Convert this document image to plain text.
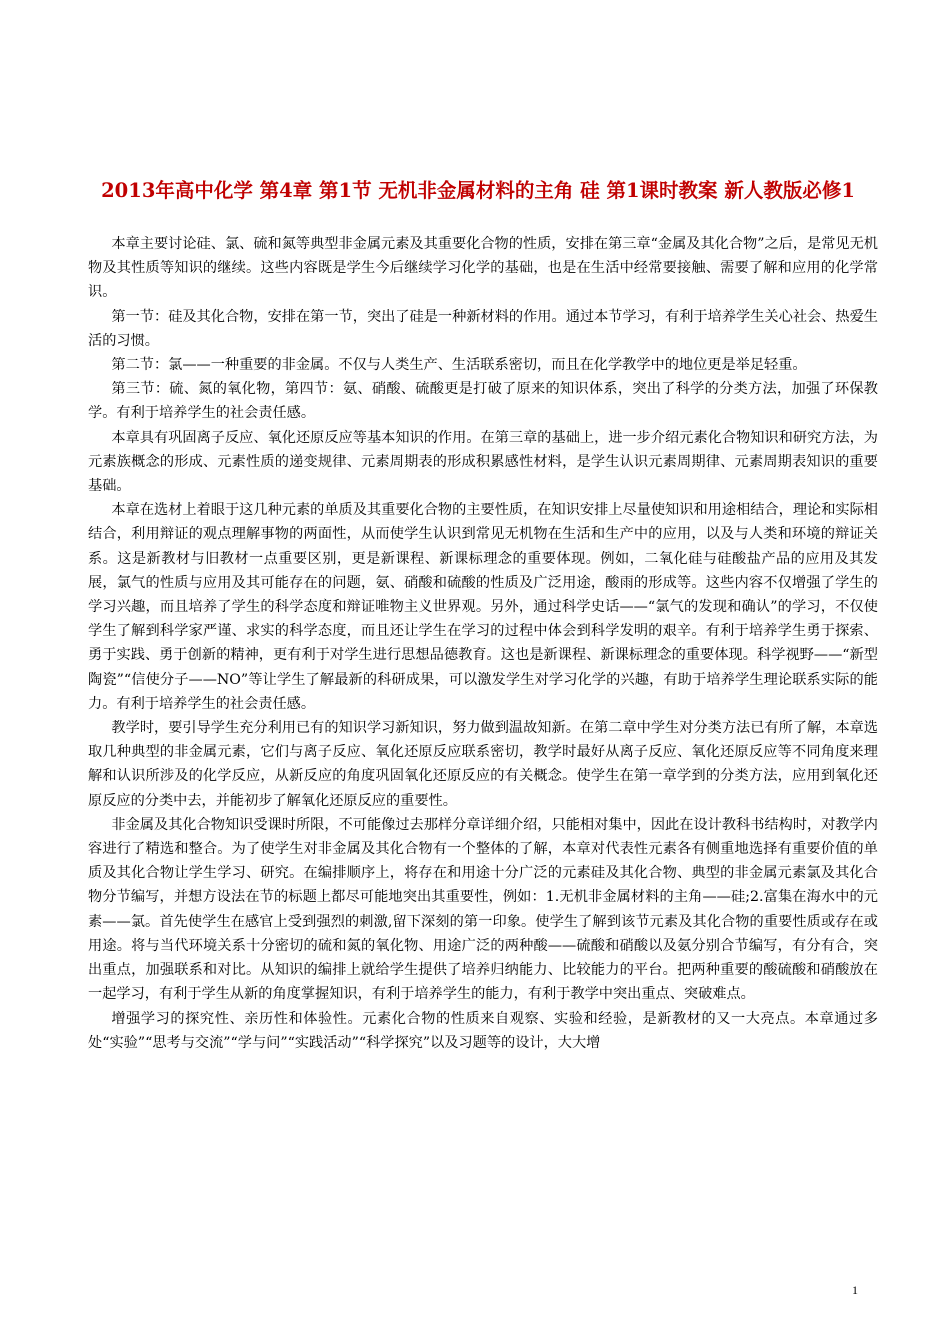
2013年高中化学 第4章 第1节 无机非金属材料的主角 硅 第1课时教案 新人教版必修1

本章主要讨论硅、氯、硫和氮等典型非金属元素及其重要化合物的性质，安排在第三章“金属及其化合物”之后，是常见无机物及其性质等知识的继续。这些内容既是学生今后继续学习化学的基础，也是在生活中经常要接触、需要了解和应用的化学常识。

第一节：硅及其化合物，安排在第一节，突出了硅是一种新材料的作用。通过本节学习，有利于培养学生关心社会、热爱生活的习惯。

第二节：氯——一种重要的非金属。不仅与人类生产、生活联系密切，而且在化学教学中的地位更是举足轻重。

第三节：硫、氮的氧化物，第四节：氨、硝酸、硫酸更是打破了原来的知识体系，突出了科学的分类方法，加强了环保教学。有利于培养学生的社会责任感。

本章具有巩固离子反应、氧化还原反应等基本知识的作用。在第三章的基础上，进一步介绍元素化合物知识和研究方法，为元素族概念的形成、元素性质的递变规律、元素周期表的形成积累感性材料，是学生认识元素周期律、元素周期表知识的重要基础。

本章在选材上着眼于这几种元素的单质及其重要化合物的主要性质，在知识安排上尽量使知识和用途相结合，理论和实际相结合，利用辩证的观点理解事物的两面性，从而使学生认识到常见无机物在生活和生产中的应用，以及与人类和环境的辩证关系。这是新教材与旧教材一点重要区别，更是新课程、新课标理念的重要体现。例如，二氧化硅与硅酸盐产品的应用及其发展，氯气的性质与应用及其可能存在的问题，氨、硝酸和硫酸的性质及广泛用途，酸雨的形成等。这些内容不仅增强了学生的学习兴趣，而且培养了学生的科学态度和辩证唯物主义世界观。另外，通过科学史话——“氯气的发现和确认”的学习，不仅使学生了解到科学家严谨、求实的科学态度，而且还让学生在学习的过程中体会到科学发明的艰辛。有利于培养学生勇于探索、勇于实践、勇于创新的精神，更有利于对学生进行思想品德教育。这也是新课程、新课标理念的重要体现。科学视野——“新型陶瓷”“信使分子——NO”等让学生了解最新的科研成果，可以激发学生对学习化学的兴趣，有助于培养学生理论联系实际的能力。有利于培养学生的社会责任感。

教学时，要引导学生充分利用已有的知识学习新知识，努力做到温故知新。在第二章中学生对分类方法已有所了解，本章选取几种典型的非金属元素，它们与离子反应、氧化还原反应联系密切，教学时最好从离子反应、氧化还原反应等不同角度来理解和认识所涉及的化学反应，从新反应的角度巩固氧化还原反应的有关概念。使学生在第一章学到的分类方法，应用到氧化还原反应的分类中去，并能初步了解氧化还原反应的重要性。

非金属及其化合物知识受课时所限，不可能像过去那样分章详细介绍，只能相对集中，因此在设计教科书结构时，对教学内容进行了精选和整合。为了使学生对非金属及其化合物有一个整体的了解，本章对代表性元素各有侧重地选择有重要价值的单质及其化合物让学生学习、研究。在编排顺序上，将存在和用途十分广泛的元素硅及其化合物、典型的非金属元素氯及其化合物分节编写，并想方设法在节的标题上都尽可能地突出其重要性，例如：1.无机非金属材料的主角——硅;2.富集在海水中的元素——氯。首先使学生在感官上受到强烈的刺激,留下深刻的第一印象。使学生了解到该节元素及其化合物的重要性质或存在或用途。将与当代环境关系十分密切的硫和氮的氧化物、用途广泛的两种酸——硫酸和硝酸以及氨分别合节编写，有分有合，突出重点，加强联系和对比。从知识的编排上就给学生提供了培养归纳能力、比较能力的平台。把两种重要的酸硫酸和硝酸放在一起学习，有利于学生从新的角度掌握知识，有利于培养学生的能力，有利于教学中突出重点、突破难点。

增强学习的探究性、亲历性和体验性。元素化合物的性质来自观察、实验和经验，是新教材的又一大亮点。本章通过多处“实验”“思考与交流”“学与问”“实践活动”“科学探究”以及习题等的设计，大大增

1
